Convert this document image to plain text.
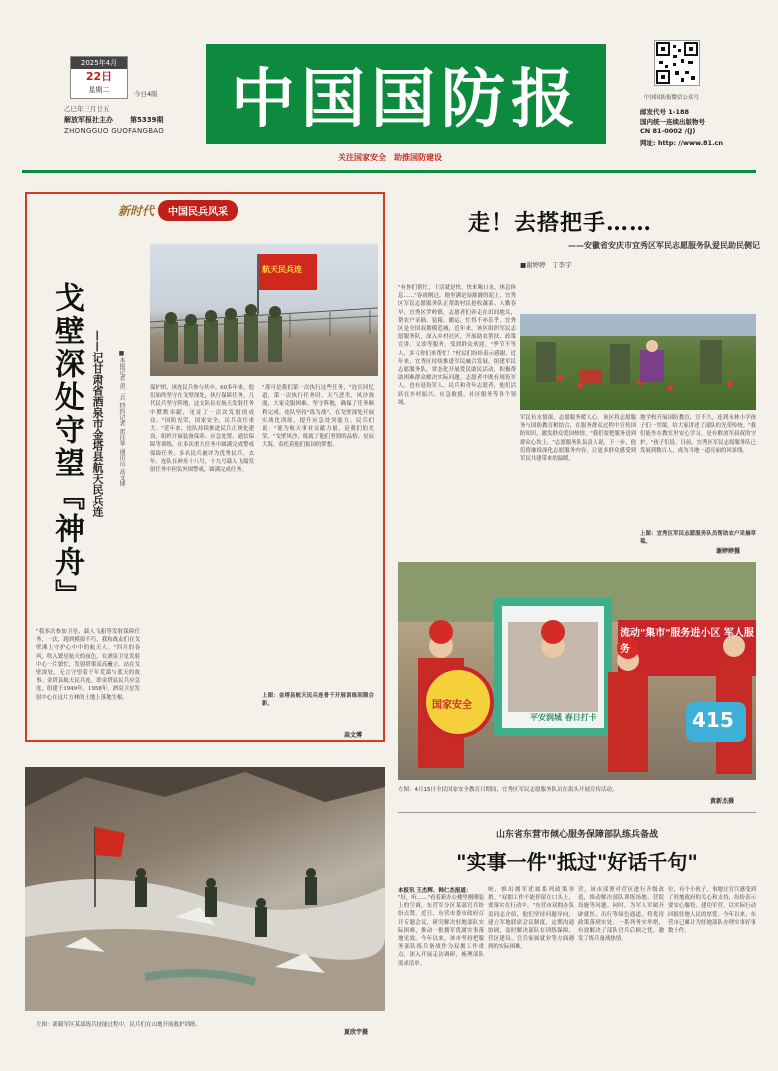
2025年4月
22日
星期二	今日4版
乙巳年三月廿五
第5339期
解放军报社主办
ZHONGGUO GUOFANGBAO 中国国防报
关注国家安全　助推国防建设
中国国防报微信公众号
邮发代号 1-188
国内统一连续出版物号
CN 81-0002 /(J)
网址: http: //www.81.cn
新时代	中国民兵风采
戈壁深处守望『神舟』 ——记甘肃省酒泉市金塔县航天民兵连	■本报记者 黄二兵 特约记者 雷佳华 通讯员 高文博
航天民兵连
"我多次参加卫星、载人飞船等发射保障任务，一次，跑到模拟不巧，我和战友们在戈壁滩上守护心中中的航天人。"四月的春风，吹入繁星航天的夜色，在酒泉卫星发射中心一片繁忙，发射塔架高高矗立，站在戈壁深处，无言守望着千年荒漠与蓝天的故事。金塔县航天民兵连，即金塔县民兵应急连，组建于1949年，1958年，酒泉卫星发射中心在这片方林的土地上落地生根。
保护团，该连民兵参与其中。60多年来，他们始终坚守在戈壁深处，执行保障任务，几代民兵坚守阵地，这支队伍在航天发射任务中默默奉献，见证了一次次发射的成功。"国防光荣，国家安全，民兵责任重大。"近年来，连队持续推进民兵正规化建设，组织开展装备保养、应急处置、通信保障等训练，在多次重大任务中圆满完成警戒保障任务，多名民兵被评为优秀民兵。去年，连队在神舟十八号、十九号载人飞船发射任务中担负外围警戒，圆满完成任务。
"那可是我们第一次执行这些任务，"连长回忆道，第一次执行任务时，天气恶劣，风沙弥漫，大家克服困难，坚守阵地，确保了任务顺利完成。连队坚持"练为战"，在戈壁深处开展实战化训练，提升应急处突能力。民兵们说："能为航天事业贡献力量，是我们的光荣。"戈壁风沙，练就了他们坚韧的品格；星辰大海，寄托着他们报国的梦想。
上图：金塔县航天民兵连骨干开展训练间隙合影。
高文博
左图：新疆军区某部练兵技能过程中，民兵们在山地开展救护训练。
夏欣宇摄
走！去搭把手……
——安徽省安庆市宜秀区军民志愿服务队爱民助民侧记
■谢婷婷　丁李宇
"有你们帮忙，干活就是快，快来喝口水，休息休息……"春雨刚过，地里满是湿漉漉的泥土，宜秀区军民志愿服务队正帮助村民抢收蔬菜。人勤春早，宜秀区罗岭镇，志愿者们奔走在田间地头，帮农户采摘、装箱、搬运，忙得不亦乐乎。宜秀区是全国双拥模范城，近年来，该区组织军民志愿服务队，深入乡村社区，开展助农帮扶、政策宣讲、义诊等服务，受到群众欢迎。"季节不等人，多亏你们来帮忙！"村民们纷纷表示感谢。近年来，宜秀区持续推进军民融合发展，组建军民志愿服务队，常态化开展爱民助民活动，积极帮助困难群众解决实际问题。志愿者中既有现役军人，也有退役军人、民兵和青年志愿者，他们活跃在乡村振兴、应急救援、社区服务等各个领域。
军民鱼水情深，志愿服务暖人心。该区将志愿服务与国防教育相结合，在服务群众过程中宣传国防知识，激发群众爱国热情。"我们要把服务送到群众心坎上。"志愿服务队负责人说，下一步，他们将继续深化志愿服务内容，让更多群众感受到军民共建带来的温暖。
地学校开展国防教育，宣不久，连到永林小学孩子们一堂课，给大家讲述了部队的光荣传统。"我们能坐在教室里安心学习，是有解放军叔叔的守护。"孩子们说。目前，宜秀区军民志愿服务队已发展到数百人，成为当地一道亮丽的风景线。
上图：宜秀区军民志愿服务队员帮助农户采摘草莓。
谢婷婷摄
国家安全
平安润城 春日打卡	415
流动"集市"服务进小区 军人服务
左图：4月15日全民国家安全教育日期间，宜秀区军民志愿服务队员在街头开展宣传活动。
黄新杰摄
山东省东营市倾心服务保障部队练兵备战
"实事一件"抵过"好话千句"
本报讯 王杰辉、韩仁杰报道：
"好，听……"看着新办公楼里刚刚装上的空调，东营军分区某部官兵纷纷点赞。近日，东营市委市政府召开专题会议，研究解决驻地部队实际困难，推动一批拥军优属实事落地见效。今年以来，该市坚持把服务部队练兵备战作为双拥工作重点，深入开展走访调研，梳理部队需求清单。
统，推出拥军优属系列政策举措。"双拥工作不能停留在口头上，要落实在行动中。"东营市双拥办负责同志介绍，他们坚持问题导向，建立军地联席会议制度，定期沟通协调，及时解决部队在训练保障、营区建设、官兵家属就业等方面遇到的实际困难。
营，该市部署对营区进行升级改造，推动解决部队训练场地、营院设施等问题。同时，为军人军属开辟就医、出行等绿色通道，将优待政策落到实处。一系列务实举措，有效解决了部队官兵后顾之忧，激发了练兵备战热情。
位，有个小伙子，事地让官兵感受到了驻地政府的关心和支持，纷纷表示要安心服役、建功军营，以实际行动回报驻地人民的厚爱。今年以来，东营市已累计为驻地部队办理实事好事数十件。
